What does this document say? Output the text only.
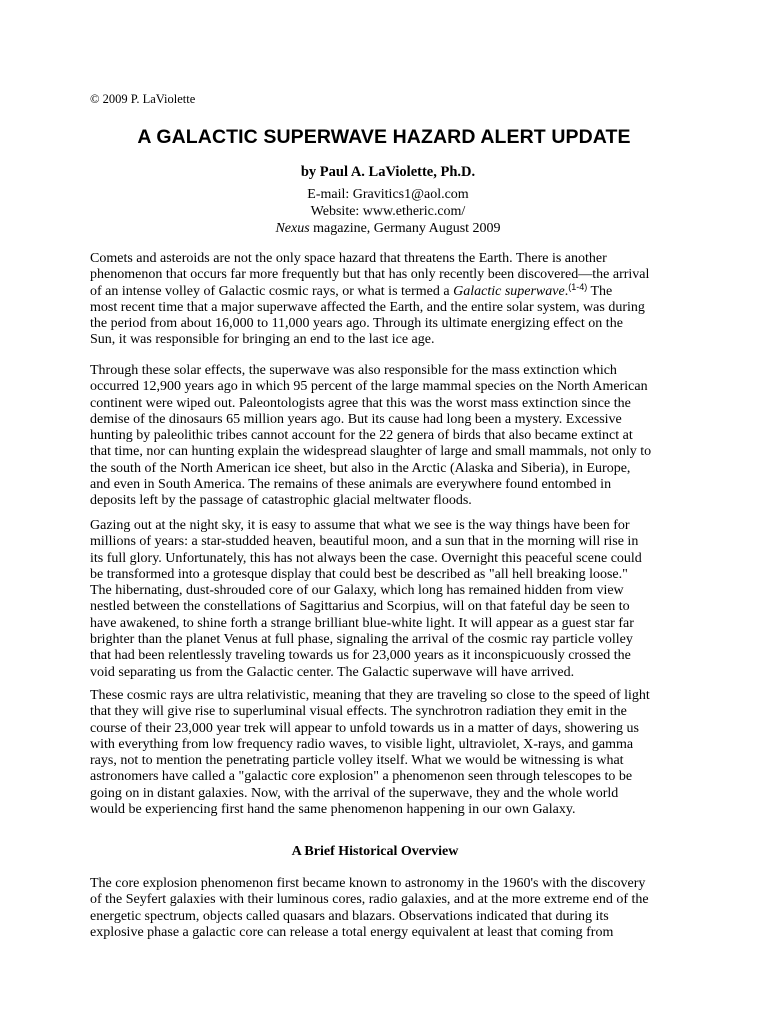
© 2009 P. LaViolette
A GALACTIC SUPERWAVE HAZARD ALERT UPDATE
by Paul A. LaViolette, Ph.D.
E-mail: Gravitics1@aol.com
Website: www.etheric.com/
Nexus magazine, Germany August 2009

Comets and asteroids are not the only space hazard that threatens the Earth. There is another
phenomenon that occurs far more frequently but that has only recently been discovered—the arrival
of an intense volley of Galactic cosmic rays, or what is termed a Galactic superwave.$^{(1-4)}$ The
most recent time that a major superwave affected the Earth, and the entire solar system, was during
the period from about 16,000 to 11,000 years ago. Through its ultimate energizing effect on the
Sun, it was responsible for bringing an end to the last ice age.

Through these solar effects, the superwave was also responsible for the mass extinction which
occurred 12,900 years ago in which 95 percent of the large mammal species on the North American
continent were wiped out. Paleontologists agree that this was the worst mass extinction since the
demise of the dinosaurs 65 million years ago. But its cause had long been a mystery. Excessive
hunting by paleolithic tribes cannot account for the 22 genera of birds that also became extinct at
that time, nor can hunting explain the widespread slaughter of large and small mammals, not only to
the south of the North American ice sheet, but also in the Arctic (Alaska and Siberia), in Europe,
and even in South America. The remains of these animals are everywhere found entombed in
deposits left by the passage of catastrophic glacial meltwater floods.

Gazing out at the night sky, it is easy to assume that what we see is the way things have been for
millions of years: a star-studded heaven, beautiful moon, and a sun that in the morning will rise in
its full glory. Unfortunately, this has not always been the case. Overnight this peaceful scene could
be transformed into a grotesque display that could best be described as "all hell breaking loose."
The hibernating, dust-shrouded core of our Galaxy, which long has remained hidden from view
nestled between the constellations of Sagittarius and Scorpius, will on that fateful day be seen to
have awakened, to shine forth a strange brilliant blue-white light. It will appear as a guest star far
brighter than the planet Venus at full phase, signaling the arrival of the cosmic ray particle volley
that had been relentlessly traveling towards us for 23,000 years as it inconspicuously crossed the
void separating us from the Galactic center. The Galactic superwave will have arrived.

These cosmic rays are ultra relativistic, meaning that they are traveling so close to the speed of light
that they will give rise to superluminal visual effects. The synchrotron radiation they emit in the
course of their 23,000 year trek will appear to unfold towards us in a matter of days, showering us
with everything from low frequency radio waves, to visible light, ultraviolet, X-rays, and gamma
rays, not to mention the penetrating particle volley itself. What we would be witnessing is what
astronomers have called a "galactic core explosion" a phenomenon seen through telescopes to be
going on in distant galaxies. Now, with the arrival of the superwave, they and the whole world
would be experiencing first hand the same phenomenon happening in our own Galaxy.

A Brief Historical Overview

The core explosion phenomenon first became known to astronomy in the 1960's with the discovery
of the Seyfert galaxies with their luminous cores, radio galaxies, and at the more extreme end of the
energetic spectrum, objects called quasars and blazars. Observations indicated that during its
explosive phase a galactic core can release a total energy equivalent at least that coming from
